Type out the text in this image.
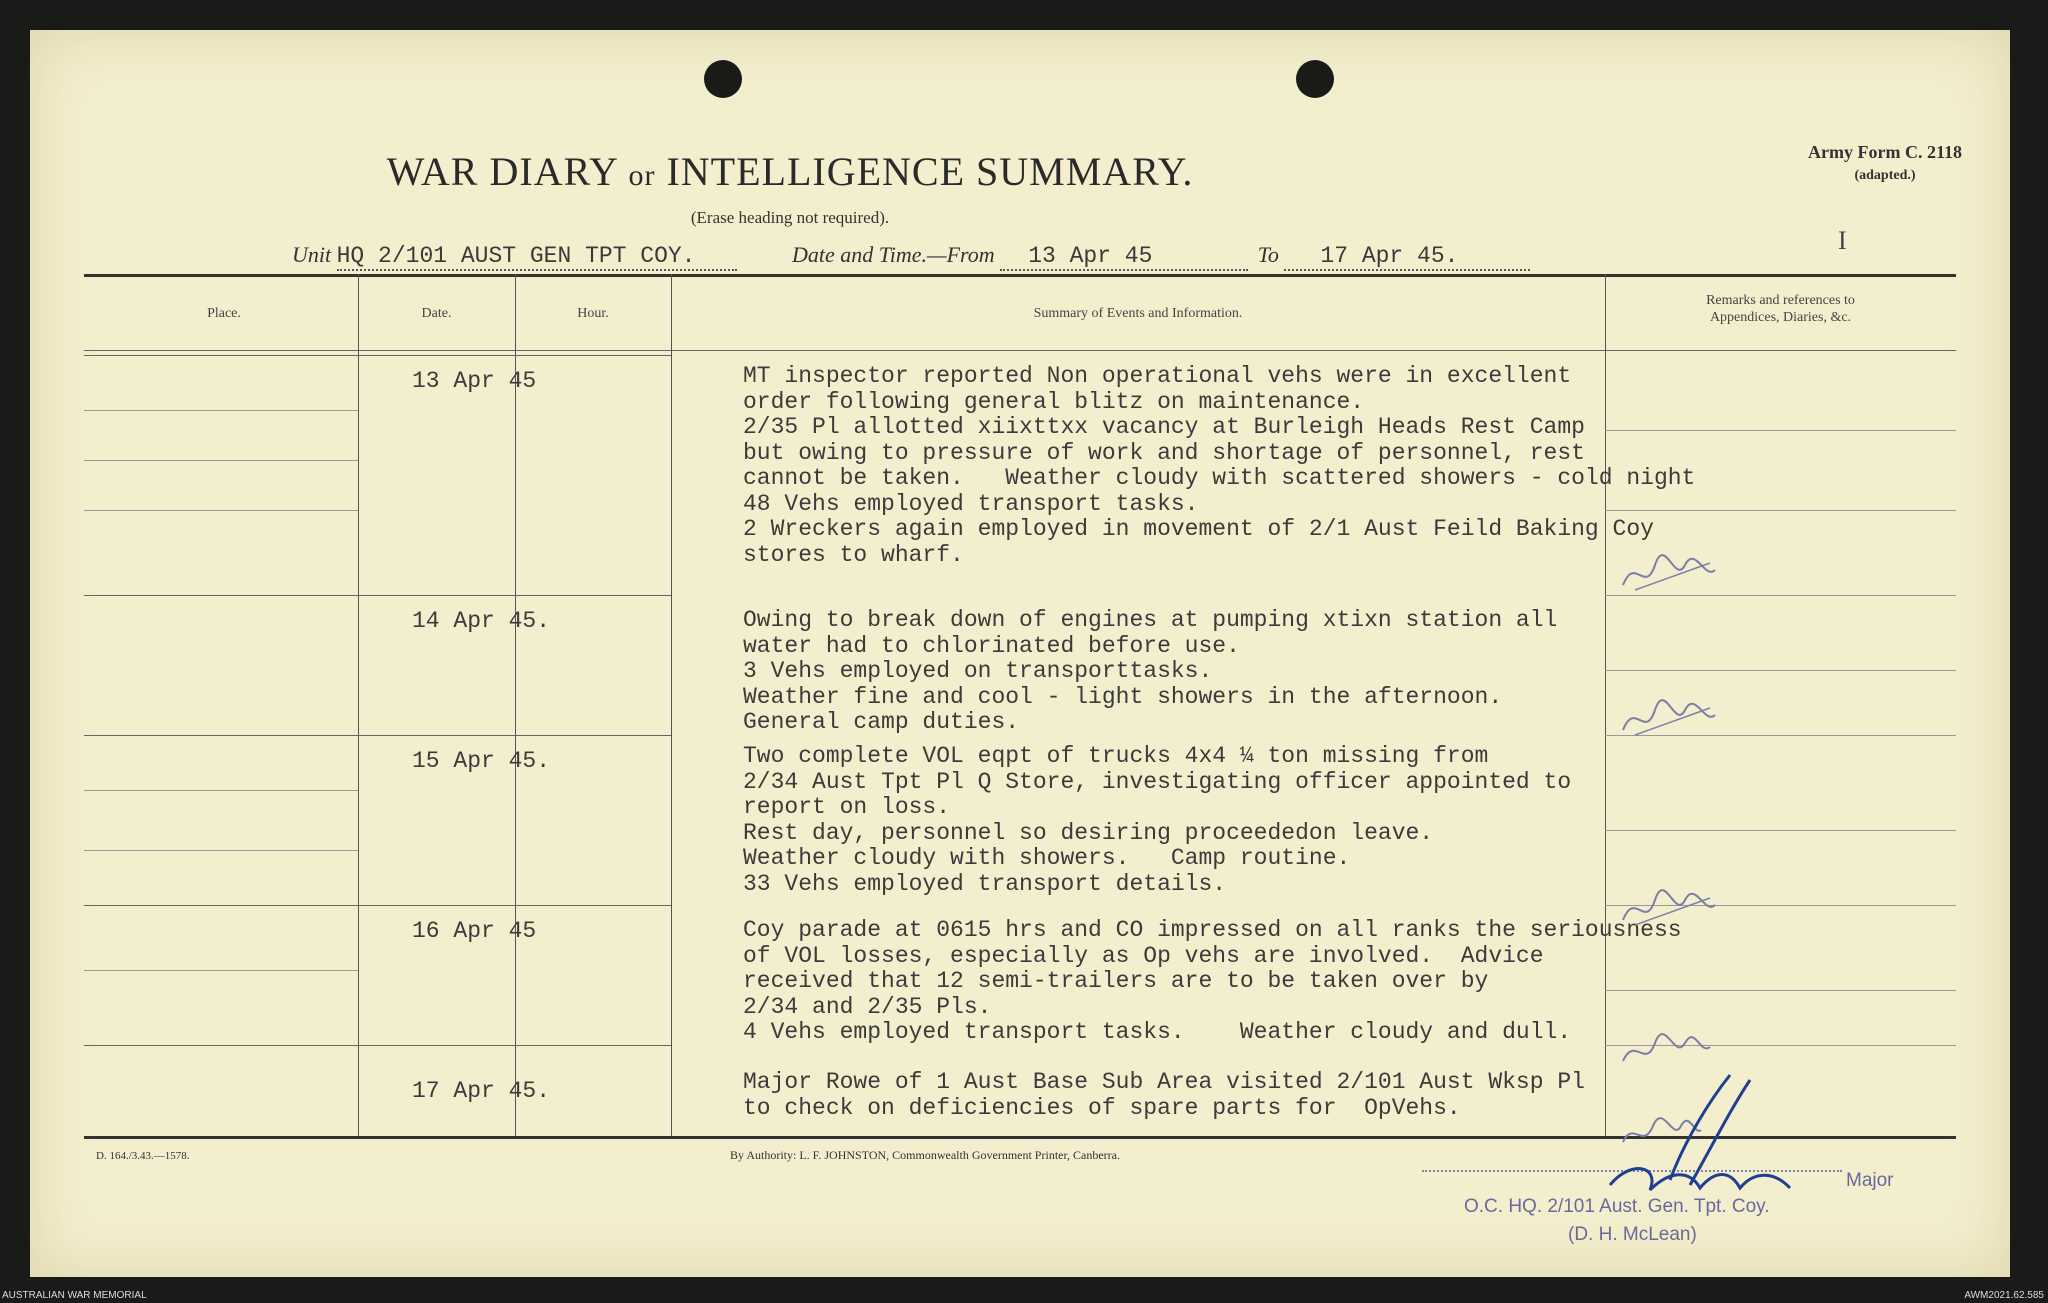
WAR DIARY or INTELLIGENCE SUMMARY.
(Erase heading not required).
Army Form C. 2118
(adapted.)
I
Unit HQ 2/101 AUST GEN TPT COY.	Date and Time.—From 13 Apr 45	To 17 Apr 45.
Place.	Date.	Hour.	Summary of Events and Information.
Remarks and references to
Appendices, Diaries, &c.
13 Apr 45	MT inspector reported Non operational vehs were in excellent
order following general blitz on maintenance.
2/35 Pl allotted xiixttxx vacancy at Burleigh Heads Rest Camp
but owing to pressure of work and shortage of personnel, rest
cannot be taken.   Weather cloudy with scattered showers - cold night
48 Vehs employed transport tasks.
2 Wreckers again employed in movement of 2/1 Aust Feild Baking Coy
stores to wharf.
14 Apr 45.	Owing to break down of engines at pumping xtixn station all
water had to chlorinated before use.
3 Vehs employed on transporttasks.
Weather fine and cool - light showers in the afternoon.
General camp duties.
15 Apr 45.	Two complete VOL eqpt of trucks 4x4 ¼ ton missing from
2/34 Aust Tpt Pl Q Store, investigating officer appointed to
report on loss.
Rest day, personnel so desiring proceededon leave.
Weather cloudy with showers.   Camp routine.
33 Vehs employed transport details.
16 Apr 45	Coy parade at 0615 hrs and CO impressed on all ranks the seriousness
of VOL losses, especially as Op vehs are involved.  Advice
received that 12 semi-trailers are to be taken over by
2/34 and 2/35 Pls.
4 Vehs employed transport tasks.    Weather cloudy and dull.
17 Apr 45.	Major Rowe of 1 Aust Base Sub Area visited 2/101 Aust Wksp Pl
to check on deficiencies of spare parts for  OpVehs.
D. 164./3.43.—1578.	By Authority: L. F. JOHNSTON, Commonwealth Government Printer, Canberra.
Major
O.C. HQ. 2/101 Aust. Gen. Tpt. Coy.
(D. H. McLean)
AUSTRALIAN WAR MEMORIAL	AWM2021.62.585
